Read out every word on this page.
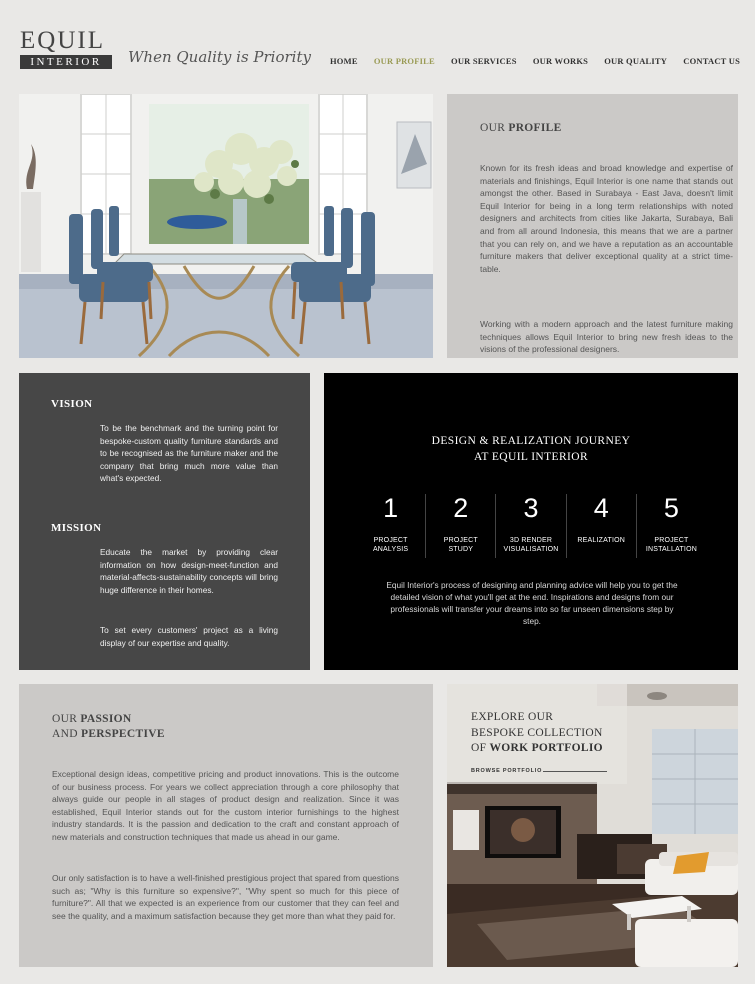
EQUIL
INTERIOR	When Quality is Priority HOME OUR PROFILE OUR SERVICES OUR WORKS OUR QUALITY CONTACT US
OUR PROFILE

Known for its fresh ideas and broad knowledge and expertise of materials and finishings, Equil Interior is one name that stands out amongst the other. Based in Surabaya - East Java, doesn't limit Equil Interior for being in a long term relationships with noted designers and architects from cities like Jakarta, Surabaya, Bali and from all around Indonesia, this means that we are a partner that you can rely on, and we have a reputation as an accountable furniture makers that deliver exceptional quality at a strict time-table.

Working with a modern approach and the latest furniture making techniques allows Equil Interior to bring new fresh ideas to the visions of the professional designers.

VISION

To be the benchmark and the turning point for bespoke-custom quality furniture standards and to be recognised as the furniture maker and the company that bring much more value than what's expected.

MISSION

Educate the market by providing clear information on how design-meet-function and material-affects-sustainability concepts will bring huge difference in their homes.

To set every customers' project as a living display of our expertise and quality.

DESIGN & REALIZATION JOURNEY
AT EQUIL INTERIOR
1
PROJECT
ANALYSIS
2
PROJECT
STUDY
3
3D RENDER
VISUALISATION
4
REALIZATION
5
PROJECT
INSTALLATION

Equil Interior's process of designing and planning advice will help you to get the detailed vision of what you'll get at the end. Inspirations and designs from our professionals will transfer your dreams into so far unseen dimensions step by step.

OUR PASSION
AND PERSPECTIVE

Exceptional design ideas, competitive pricing and product innovations. This is the outcome of our business process. For years we collect appreciation through a core philosophy that always guide our people in all stages of product design and realization. Since it was established, Equil Interior stands out for the custom interior furnishings to the highest industry standards. It is the passion and dedication to the craft and constant approach of new materials and construction techniques that made us ahead in our game.

Our only satisfaction is to have a well-finished prestigious project that spared from questions such as; "Why is this furniture so expensive?", "Why spent so much for this piece of furniture?". All that we expected is an experience from our customer that they can feel and see the quality, and a maximum satisfaction because they get more than what they paid for.

EXPLORE OUR
BESPOKE COLLECTION
OF WORK PORTFOLIO
BROWSE PORTFOLIO
